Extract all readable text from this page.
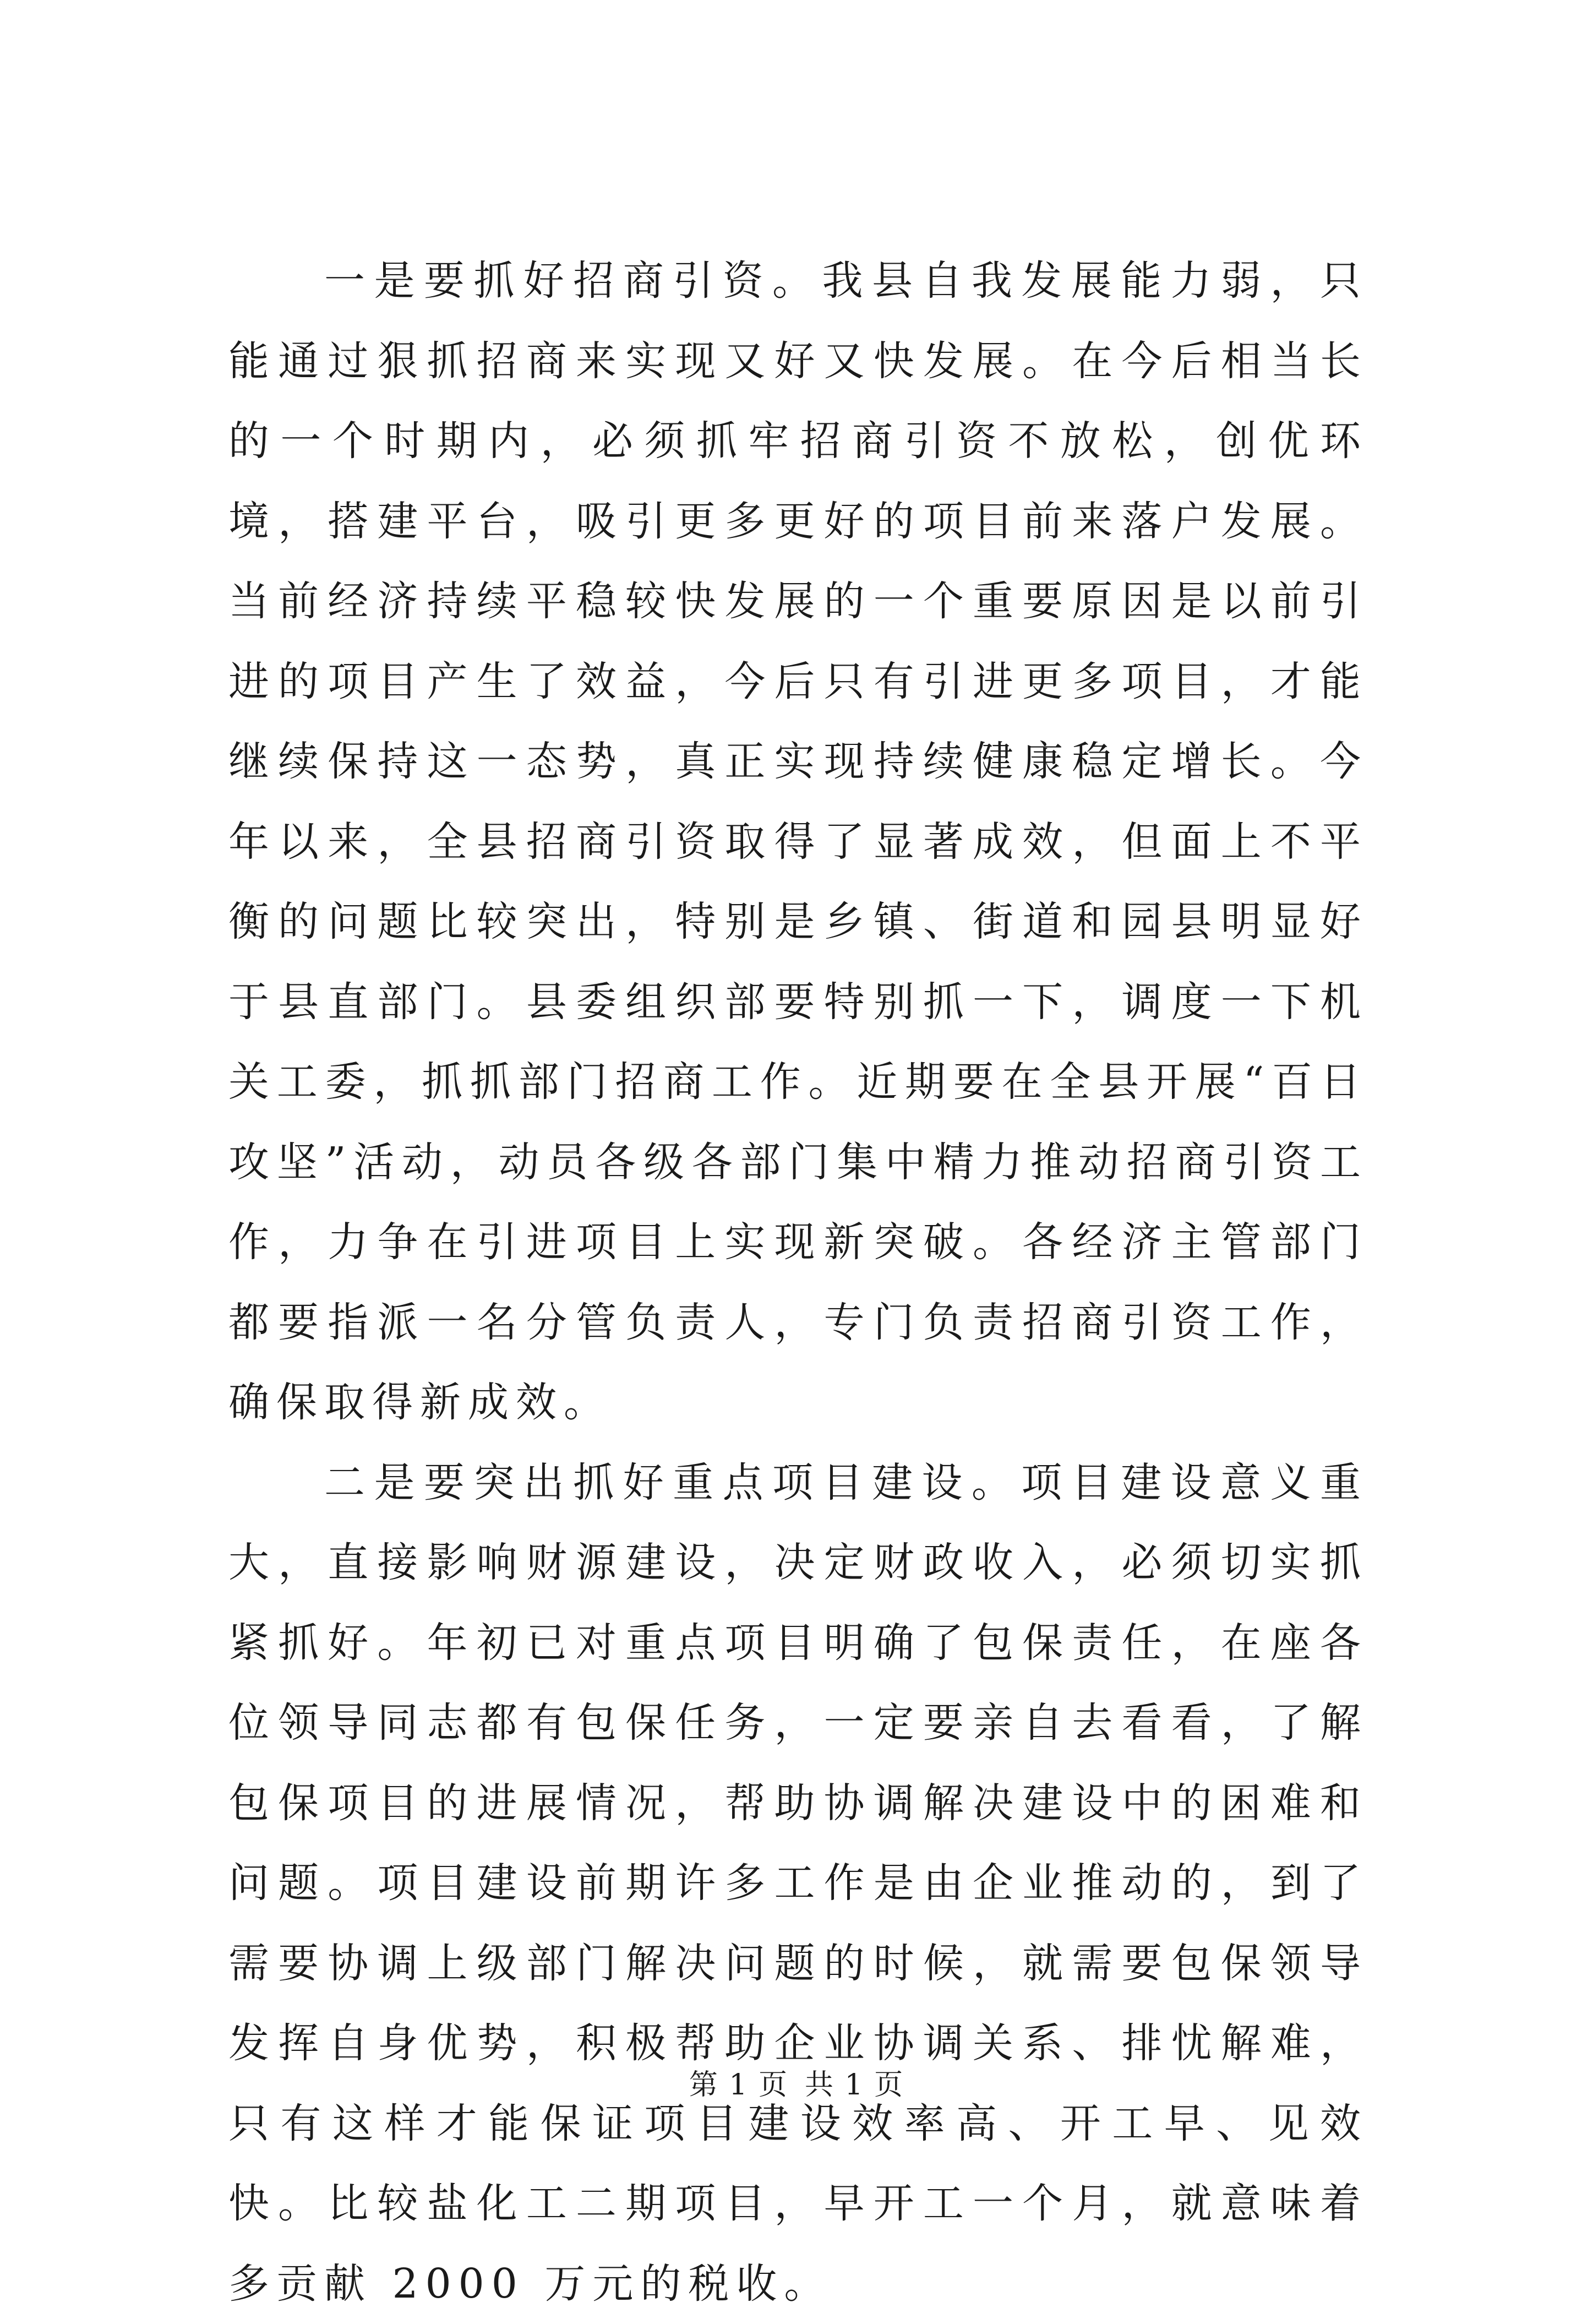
一是要抓好招商引资。我县自我发展能力弱，只能通过狠抓招商来实现又好又快发展。在今后相当长的一个时期内，必须抓牢招商引资不放松，创优环境，搭建平台，吸引更多更好的项目前来落户发展。当前经济持续平稳较快发展的一个重要原因是以前引进的项目产生了效益，今后只有引进更多项目，才能继续保持这一态势，真正实现持续健康稳定增长。今年以来，全县招商引资取得了显著成效，但面上不平衡的问题比较突出，特别是乡镇、街道和园县明显好于县直部门。县委组织部要特别抓一下，调度一下机关工委，抓抓部门招商工作。近期要在全县开展“百日攻坚”活动，动员各级各部门集中精力推动招商引资工作，力争在引进项目上实现新突破。各经济主管部门都要指派一名分管负责人，专门负责招商引资工作，确保取得新成效。

二是要突出抓好重点项目建设。项目建设意义重大，直接影响财源建设，决定财政收入，必须切实抓紧抓好。年初已对重点项目明确了包保责任，在座各位领导同志都有包保任务，一定要亲自去看看，了解包保项目的进展情况，帮助协调解决建设中的困难和问题。项目建设前期许多工作是由企业推动的，到了需要协调上级部门解决问题的时候，就需要包保领导发挥自身优势，积极帮助企业协调关系、排忧解难，只有这样才能保证项目建设效率高、开工早、见效快。比较盐化工二期项目，早开工一个月，就意味着多贡献 2000 万元的税收。

第 1 页 共 1 页
